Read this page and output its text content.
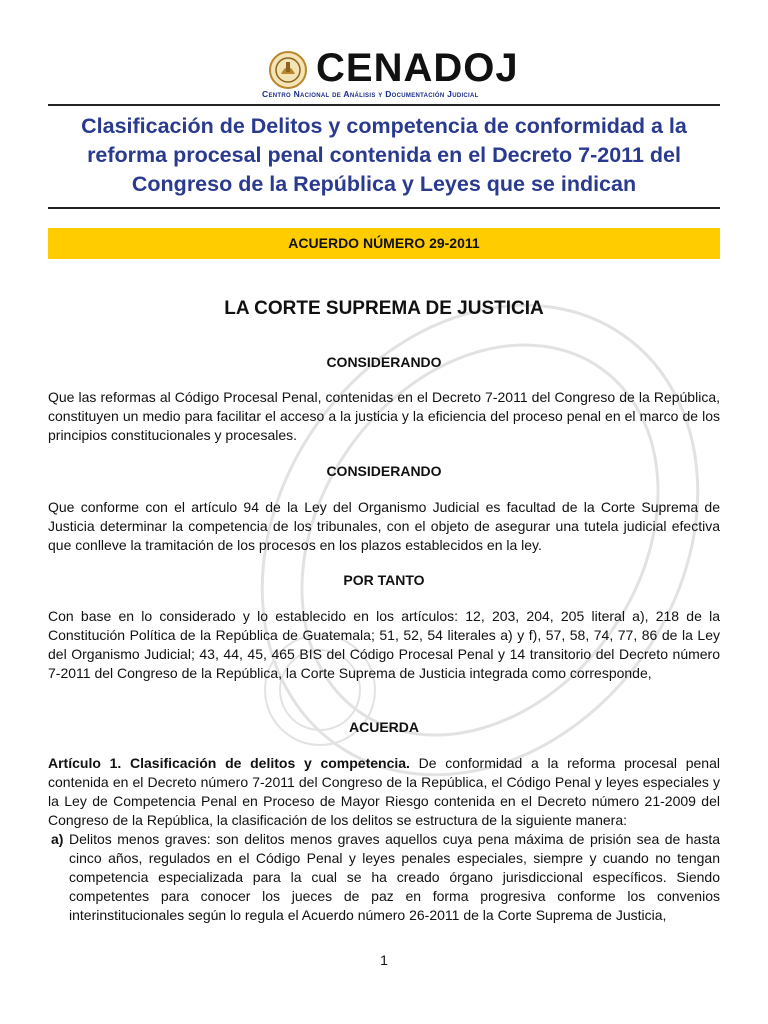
CENADOJ
Centro Nacional de Análisis y Documentación Judicial
Clasificación de Delitos y competencia de conformidad a la reforma procesal penal contenida en el Decreto 7-2011 del Congreso de la República y Leyes que se indican
ACUERDO NÚMERO 29-2011
LA CORTE SUPREMA DE JUSTICIA
CONSIDERANDO

Que las reformas al Código Procesal Penal, contenidas en el Decreto 7-2011 del Congreso de la República, constituyen un medio para facilitar el acceso a la justicia y la eficiencia del proceso penal en el marco de los principios constitucionales y procesales.

CONSIDERANDO

Que conforme con el artículo 94 de la Ley del Organismo Judicial es facultad de la Corte Suprema de Justicia determinar la competencia de los tribunales, con el objeto de asegurar una tutela judicial efectiva que conlleve la tramitación de los procesos en los plazos establecidos en la ley.

POR TANTO

Con base en lo considerado y lo establecido en los artículos: 12, 203, 204, 205 literal a), 218 de la Constitución Política de la República de Guatemala; 51, 52, 54 literales a) y f), 57, 58, 74, 77, 86 de la Ley del Organismo Judicial; 43, 44, 45, 465 BIS del Código Procesal Penal y 14 transitorio del Decreto número 7-2011 del Congreso de la República, la Corte Suprema de Justicia integrada como corresponde,

ACUERDA

Artículo 1. Clasificación de delitos y competencia. De conformidad a la reforma procesal penal contenida en el Decreto número 7-2011 del Congreso de la República, el Código Penal y leyes especiales y la Ley de Competencia Penal en Proceso de Mayor Riesgo contenida en el Decreto número 21-2009 del Congreso de la República, la clasificación de los delitos se estructura de la siguiente manera:

a) Delitos menos graves: son delitos menos graves aquellos cuya pena máxima de prisión sea de hasta cinco años, regulados en el Código Penal y leyes penales especiales, siempre y cuando no tengan competencia especializada para la cual se ha creado órgano jurisdiccional específicos. Siendo competentes para conocer los jueces de paz en forma progresiva conforme los convenios interinstitucionales según lo regula el Acuerdo número 26-2011 de la Corte Suprema de Justicia,
1
